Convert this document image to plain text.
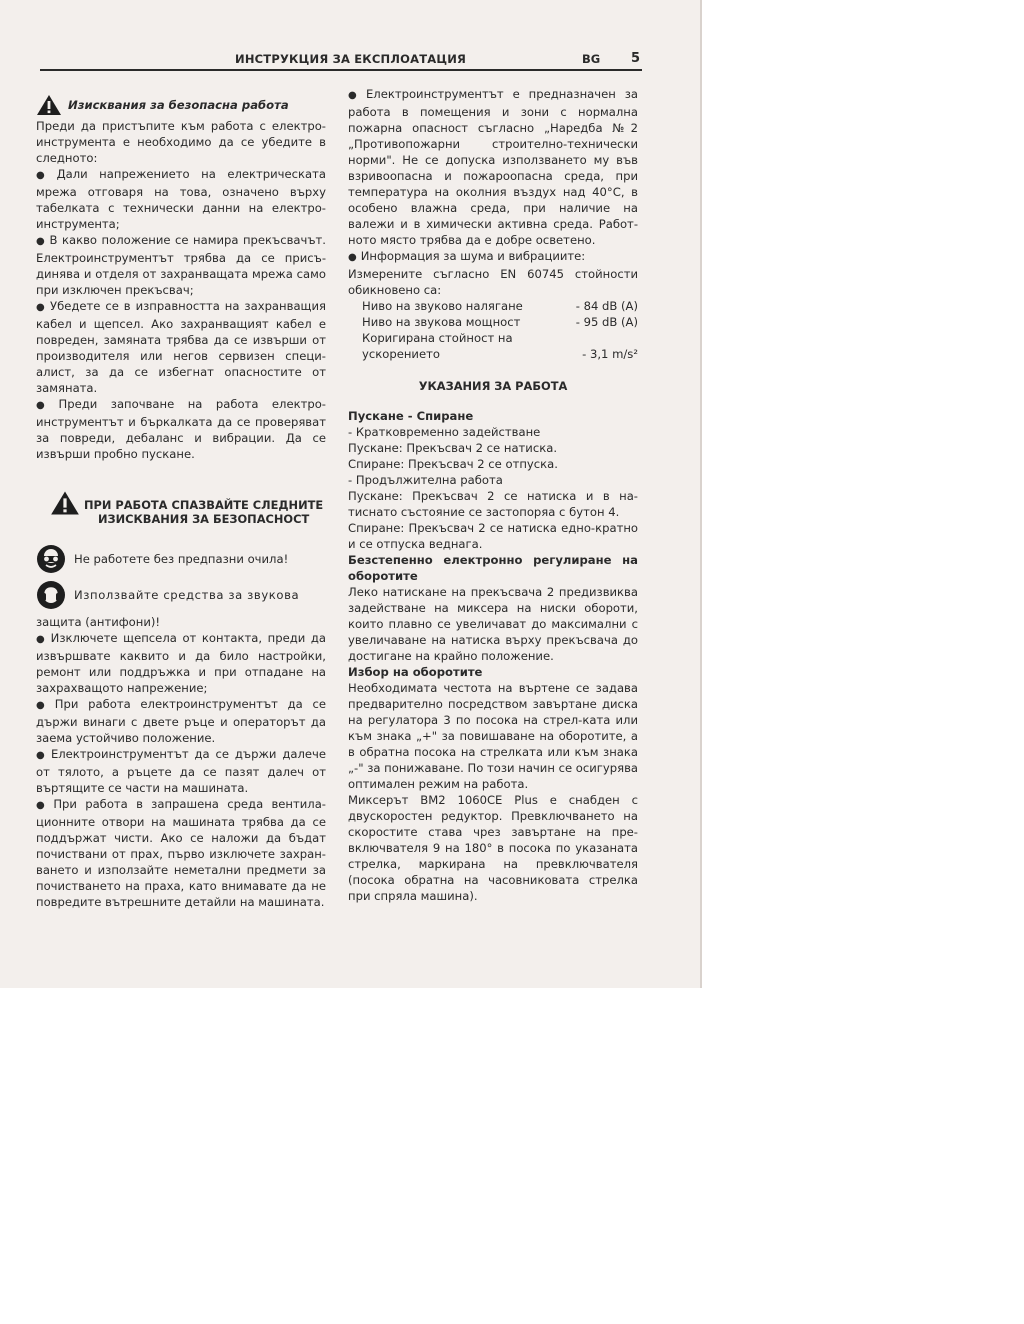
ИНСТРУКЦИЯ ЗА ЕКСПЛОАТАЦИЯ	BG 5
Изисквания за безопасна работа

Преди да пристъпите към работа с електро-инструмента е необходимо да се убедите в следното:

● Дали напрежението на електрическата мрежа отговаря на това, означено върху табелката с технически данни на електро-инструмента;

● В какво положение се намира прекъсвачът. Електроинструментът трябва да се присъ-динява и отделя от захранващата мрежа само при изключен прекъсвач;

● Убедете се в изправността на захранващия кабел и щепсел. Ако захранващият кабел е повреден, замяната трябва да се извърши от производителя или негов сервизен специ-алист, за да се избегнат опасностите от замяната.

● Преди започване на работа електро-инструментът и бъркалката да се проверяват за повреди, дебаланс и вибрации. Да се извърши пробно пускане.

ПРИ РАБОТА СПАЗВАЙТЕ СЛЕДНИТЕ
ИЗИСКВАНИЯ ЗА БЕЗОПАСНОСТ
Не работете без предпазни очила!
Използвайте средства за звукова

защита (антифони)!

● Изключете щепсела от контакта, преди да извършвате каквито и да било настройки, ремонт или поддръжка и при отпадане на захрахващото напрежение;

● При работа електроинструментът да се държи винаги с двете ръце и операторът да заема устойчиво положение.

● Електроинструментът да се държи далече от тялото, а ръцете да се пазят далеч от въртящите се части на машината.

● При работа в запрашена среда вентила-ционните отвори на машината трябва да се поддържат чисти. Ако се наложи да бъдат почиствани от прах, първо изключете захран-ването и използайте неметални предмети за почистването на праха, като внимавате да не повредите вътрешните детайли на машината.

● Електроинструментът е предназначен за работа в помещения и зони с нормална пожарна опасност съгласно „Наредба №2 „Противопожарни строително-технически норми". Не се допуска използването му във взривоопасна и пожароопасна среда, при температура на околния въздух над 40°С, в особено влажна среда, при наличие на валежи и в химически активна среда. Работ-ното място трябва да е добре осветено.

● Информация за шума и вибрациите:

Измерените съгласно EN 60745 стойности обикновено са:

Ниво на звуково налягане	- 84 dB (A)
Ниво на звукова мощност	- 95 dB (A)
Коригирана стойност на
ускорението	- 3,1 m/s²
УКАЗАНИЯ ЗА РАБОТА

Пускане - Спиране

- Кратковременно задействане

Пускане: Прекъсвач 2 се натиска.

Спиране: Прекъсвач 2 се отпуска.

- Продължителна работа

Пускане: Прекъсвач 2 се натиска и в на-тиснато състояние се застопоряа с бутон 4.

Спиране: Прекъсвач 2 се натиска едно-кратно и се отпуска веднага.

Безстепенно електронно регулиране на оборотите

Леко натискане на прекъсвача 2 предизвиква задействане на миксера на ниски обороти, които плавно се увеличават до максимални с увеличаване на натиска върху прекъсвача до достигане на крайно положение.

Избор на оборотите

Необходимата честота на въртене се задава предварително посредством завъртане диска на регулатора 3 по посока на стрел-ката или към знака „+" за повишаване на оборотите, а в обратна посока на стрелката или към знака „-" за понижаване. По този начин се осигурява оптимален режим на работа.

Миксерът BM2 1060CE Plus е снабден с двускоростен редуктор. Превключването на скоростите става чрез завъртане на пре-включвателя 9 на 180° в посока по указаната стрелка, маркирана на превключвателя (посока обратна на часовниковата стрелка при спряла машина).
